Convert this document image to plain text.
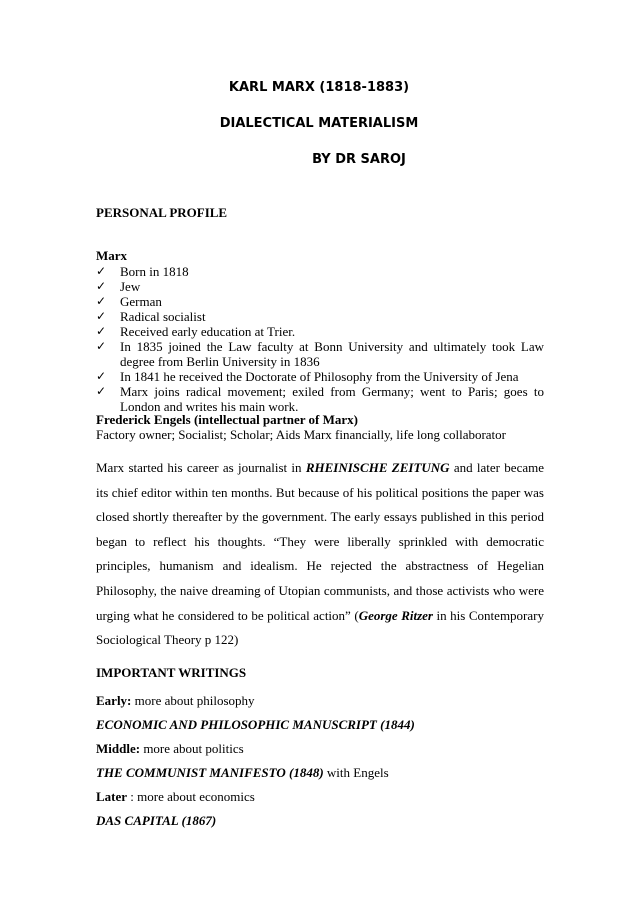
KARL MARX (1818-1883)
DIALECTICAL MATERIALISM
BY DR SAROJ
PERSONAL PROFILE
Marx
✓ Born in 1818
✓ Jew
✓ German
✓ Radical socialist
✓ Received early education at Trier.
✓ In 1835 joined the Law faculty at Bonn University and ultimately took Law degree from Berlin University in 1836
✓ In 1841 he received the Doctorate of Philosophy from the University of Jena
✓ Marx joins radical movement; exiled from Germany; went to Paris; goes to London and writes his main work.
Frederick Engels (intellectual partner of Marx)
Factory owner; Socialist; Scholar; Aids Marx financially, life long collaborator
Marx started his career as journalist in RHEINISCHE ZEITUNG and later became
its chief editor within ten months. But because of his political positions the paper was
closed shortly thereafter by the government. The early essays published in this period
began to reflect his thoughts. “They were liberally sprinkled with democratic
principles, humanism and idealism. He rejected the abstractness of Hegelian
Philosophy, the naive dreaming of Utopian communists, and those activists who were
urging what he considered to be political action” (George Ritzer in his Contemporary
Sociological Theory p 122)
IMPORTANT WRITINGS
Early: more about philosophy
ECONOMIC AND PHILOSOPHIC MANUSCRIPT (1844)
Middle: more about politics
THE COMMUNIST MANIFESTO (1848) with Engels
Later : more about economics
DAS CAPITAL (1867)
